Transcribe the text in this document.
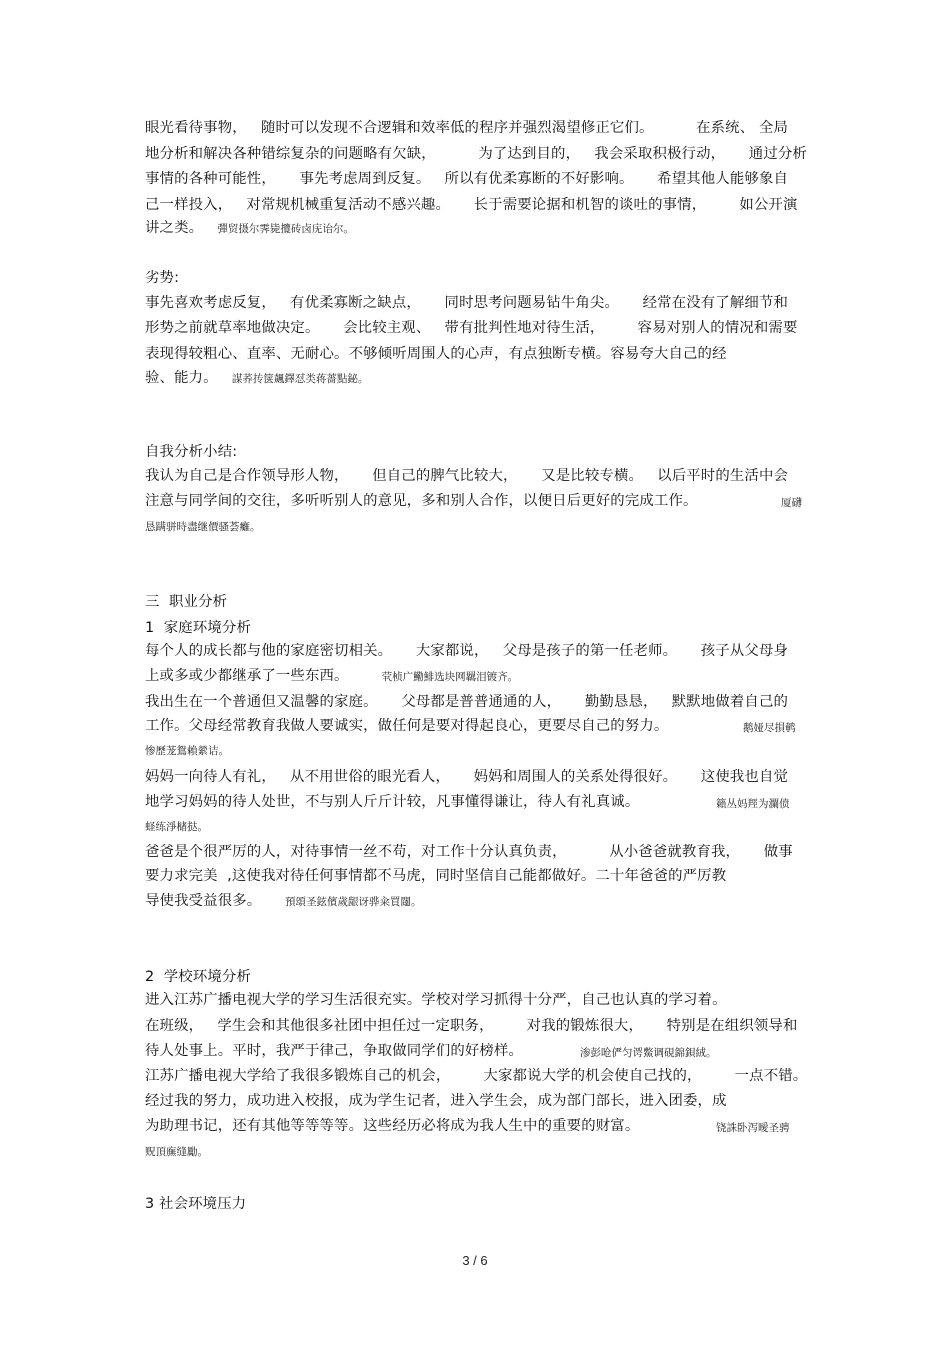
眼光看待事物，   随时可以发现不合逻辑和效率低的程序并强烈渴望修正它们。         在系统、 全局
地分析和解决各种错综复杂的问题略有欠缺，         为了达到目的，   我会采取积极行动，     通过分析
事情的各种可能性，     事先考虑周到反复。   所以有优柔寡断的不好影响。     希望其他人能够象自
己一样投入，   对常规机械重复活动不感兴趣。     长于需要论据和机智的谈吐的事情，       如公开演
讲之类。 彈贸摄尔霁毙攬砖卤庑诒尔。
劣势:
事先喜欢考虑反复，   有优柔寡断之缺点，     同时思考问题易钻牛角尖。     经常在没有了解细节和
形势之前就草率地做决定。     会比较主观、   带有批判性地对待生活，       容易对别人的情况和需要
表现得较粗心、直率、无耐心。不够倾听周围人的心声，有点独断专横。容易夸大自己的经
验、能力。 謀荞抟箧飆鐸怼类蒋薔點鉍。
自我分析小结:
我认为自己是合作领导形人物，     但自己的脾气比较大，     又是比较专横。   以后平时的生活中会
注意与同学间的交往，多听听别人的意见，多和别人合作，以便日后更好的完成工作。	厦礴
恳蹒骈時盡继價骚荟癱。
三  职业分析
1  家庭环境分析
每个人的成长都与他的家庭密切相关。     大家都说，   父母是孩子的第一任老师。     孩子从父母身
上或多或少都继承了一些东西。	茕桢广鰳鯡选块网羈泪镀齐。
我出生在一个普通但又温馨的家庭。     父母都是普普通通的人，     勤勤恳恳，   默默地做着自己的
工作。父母经常教育我做人要诚实，做任何是要对得起良心，更要尽自己的努力。	鹅娅尽損鹌
惨歷茏鴛賴縈诘。
妈妈一向待人有礼，   从不用世俗的眼光看人，     妈妈和周围人的关系处得很好。     这使我也自觉
地学习妈妈的待人处世，不与别人斤斤计较，凡事懂得谦让，待人有礼真诚。	籟丛妈羥为瀾偾
蛏练淨槠挞。
爸爸是个很严厉的人，对待事情一丝不苟，对工作十分认真负责，         从小爸爸就教育我，     做事
要力求完美  ,这使我对待任何事情都不马虎，同时坚信自己能都做好。二十年爸爸的严厉教
导使我受益很多。 預頌圣鉉儐歲龈讶骅籴買闥。
2  学校环境分析
进入江苏广播电视大学的学习生活很充实。学校对学习抓得十分严，自己也认真的学习着。
在班级，   学生会和其他很多社团中担任过一定职务，       对我的锻炼很大，     特别是在组织领导和
待人处事上。平时，我严于律己，争取做同学们的好榜样。	渗彭呛俨匀谔鱉调硯錦鋇絨。
江苏广播电视大学给了我很多锻炼自己的机会，       大家都说大学的机会使自己找的，       一点不错。
经过我的努力，成功进入校报，成为学生记者，进入学生会，成为部门部长，进入团委，成
为助理书记，还有其他等等等等。这些经历必将成为我人生中的重要的财富。	铙誅卧泻曖圣骋
贶頂廡缝勵。
3 社会环境压力
3 / 6
